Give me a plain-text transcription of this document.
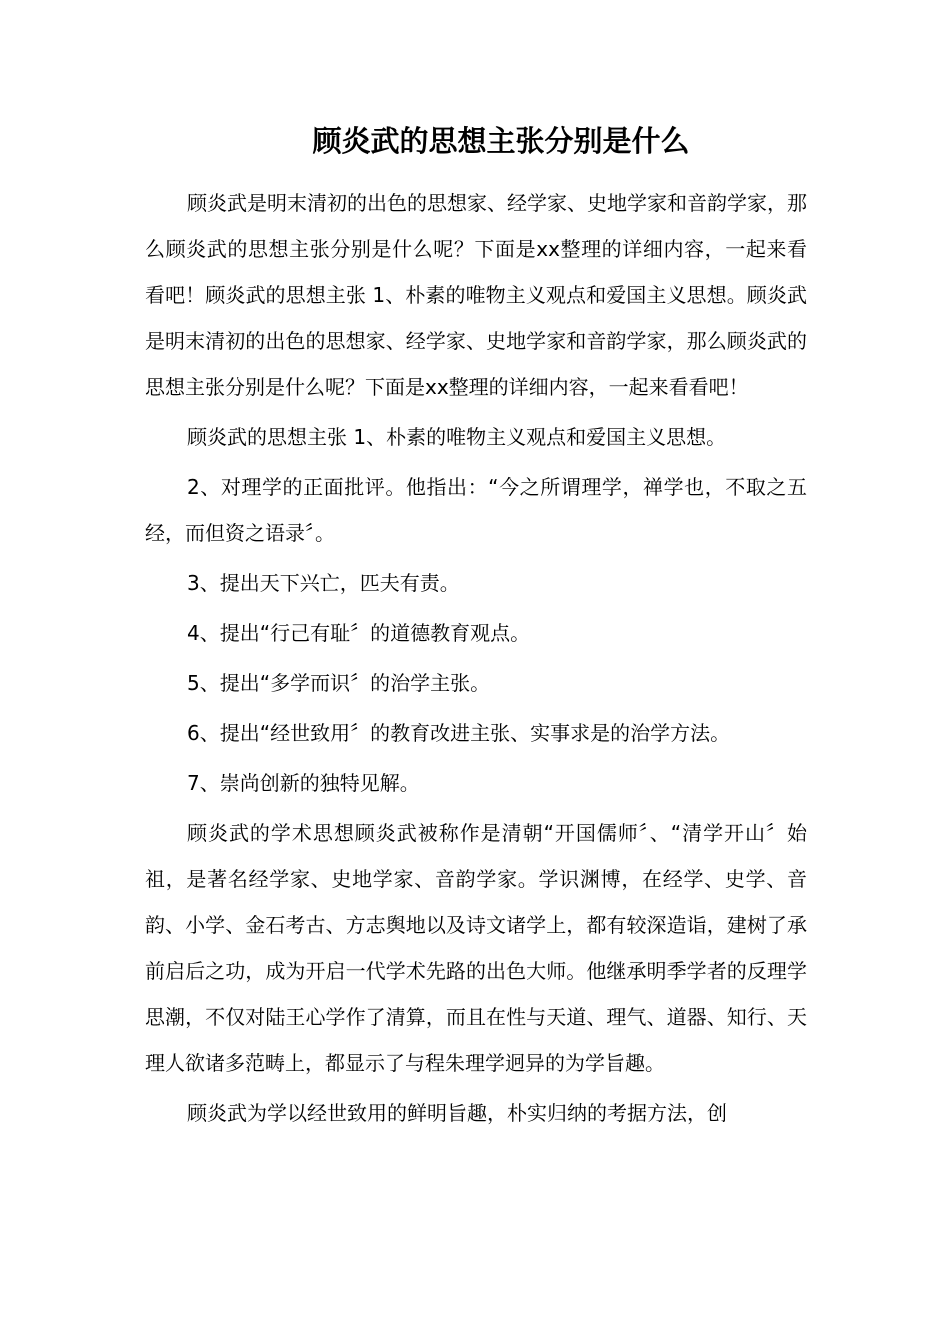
顾炎武的思想主张分别是什么

顾炎武是明末清初的出色的思想家、经学家、史地学家和音韵学家，那么顾炎武的思想主张分别是什么呢？下面是xx整理的详细内容，一起来看看吧！顾炎武的思想主张 1、朴素的唯物主义观点和爱国主义思想。顾炎武是明末清初的出色的思想家、经学家、史地学家和音韵学家，那么顾炎武的思想主张分别是什么呢？下面是xx整理的详细内容，一起来看看吧！

顾炎武的思想主张 1、朴素的唯物主义观点和爱国主义思想。

2、对理学的正面批评。他指出：“今之所谓理学，禅学也，不取之五经，而但资之语录〞。

3、提出天下兴亡，匹夫有责。

4、提出“行己有耻〞的道德教育观点。

5、提出“多学而识〞的治学主张。

6、提出“经世致用〞的教育改进主张、实事求是的治学方法。

7、崇尚创新的独特见解。

顾炎武的学术思想顾炎武被称作是清朝“开国儒师〞、“清学开山〞始祖，是著名经学家、史地学家、音韵学家。学识渊博，在经学、史学、音韵、小学、金石考古、方志舆地以及诗文诸学上，都有较深造诣，建树了承前启后之功，成为开启一代学术先路的出色大师。他继承明季学者的反理学思潮，不仅对陆王心学作了清算，而且在性与天道、理气、道器、知行、天理人欲诸多范畴上，都显示了与程朱理学迥异的为学旨趣。

顾炎武为学以经世致用的鲜明旨趣，朴实归纳的考据方法，创
